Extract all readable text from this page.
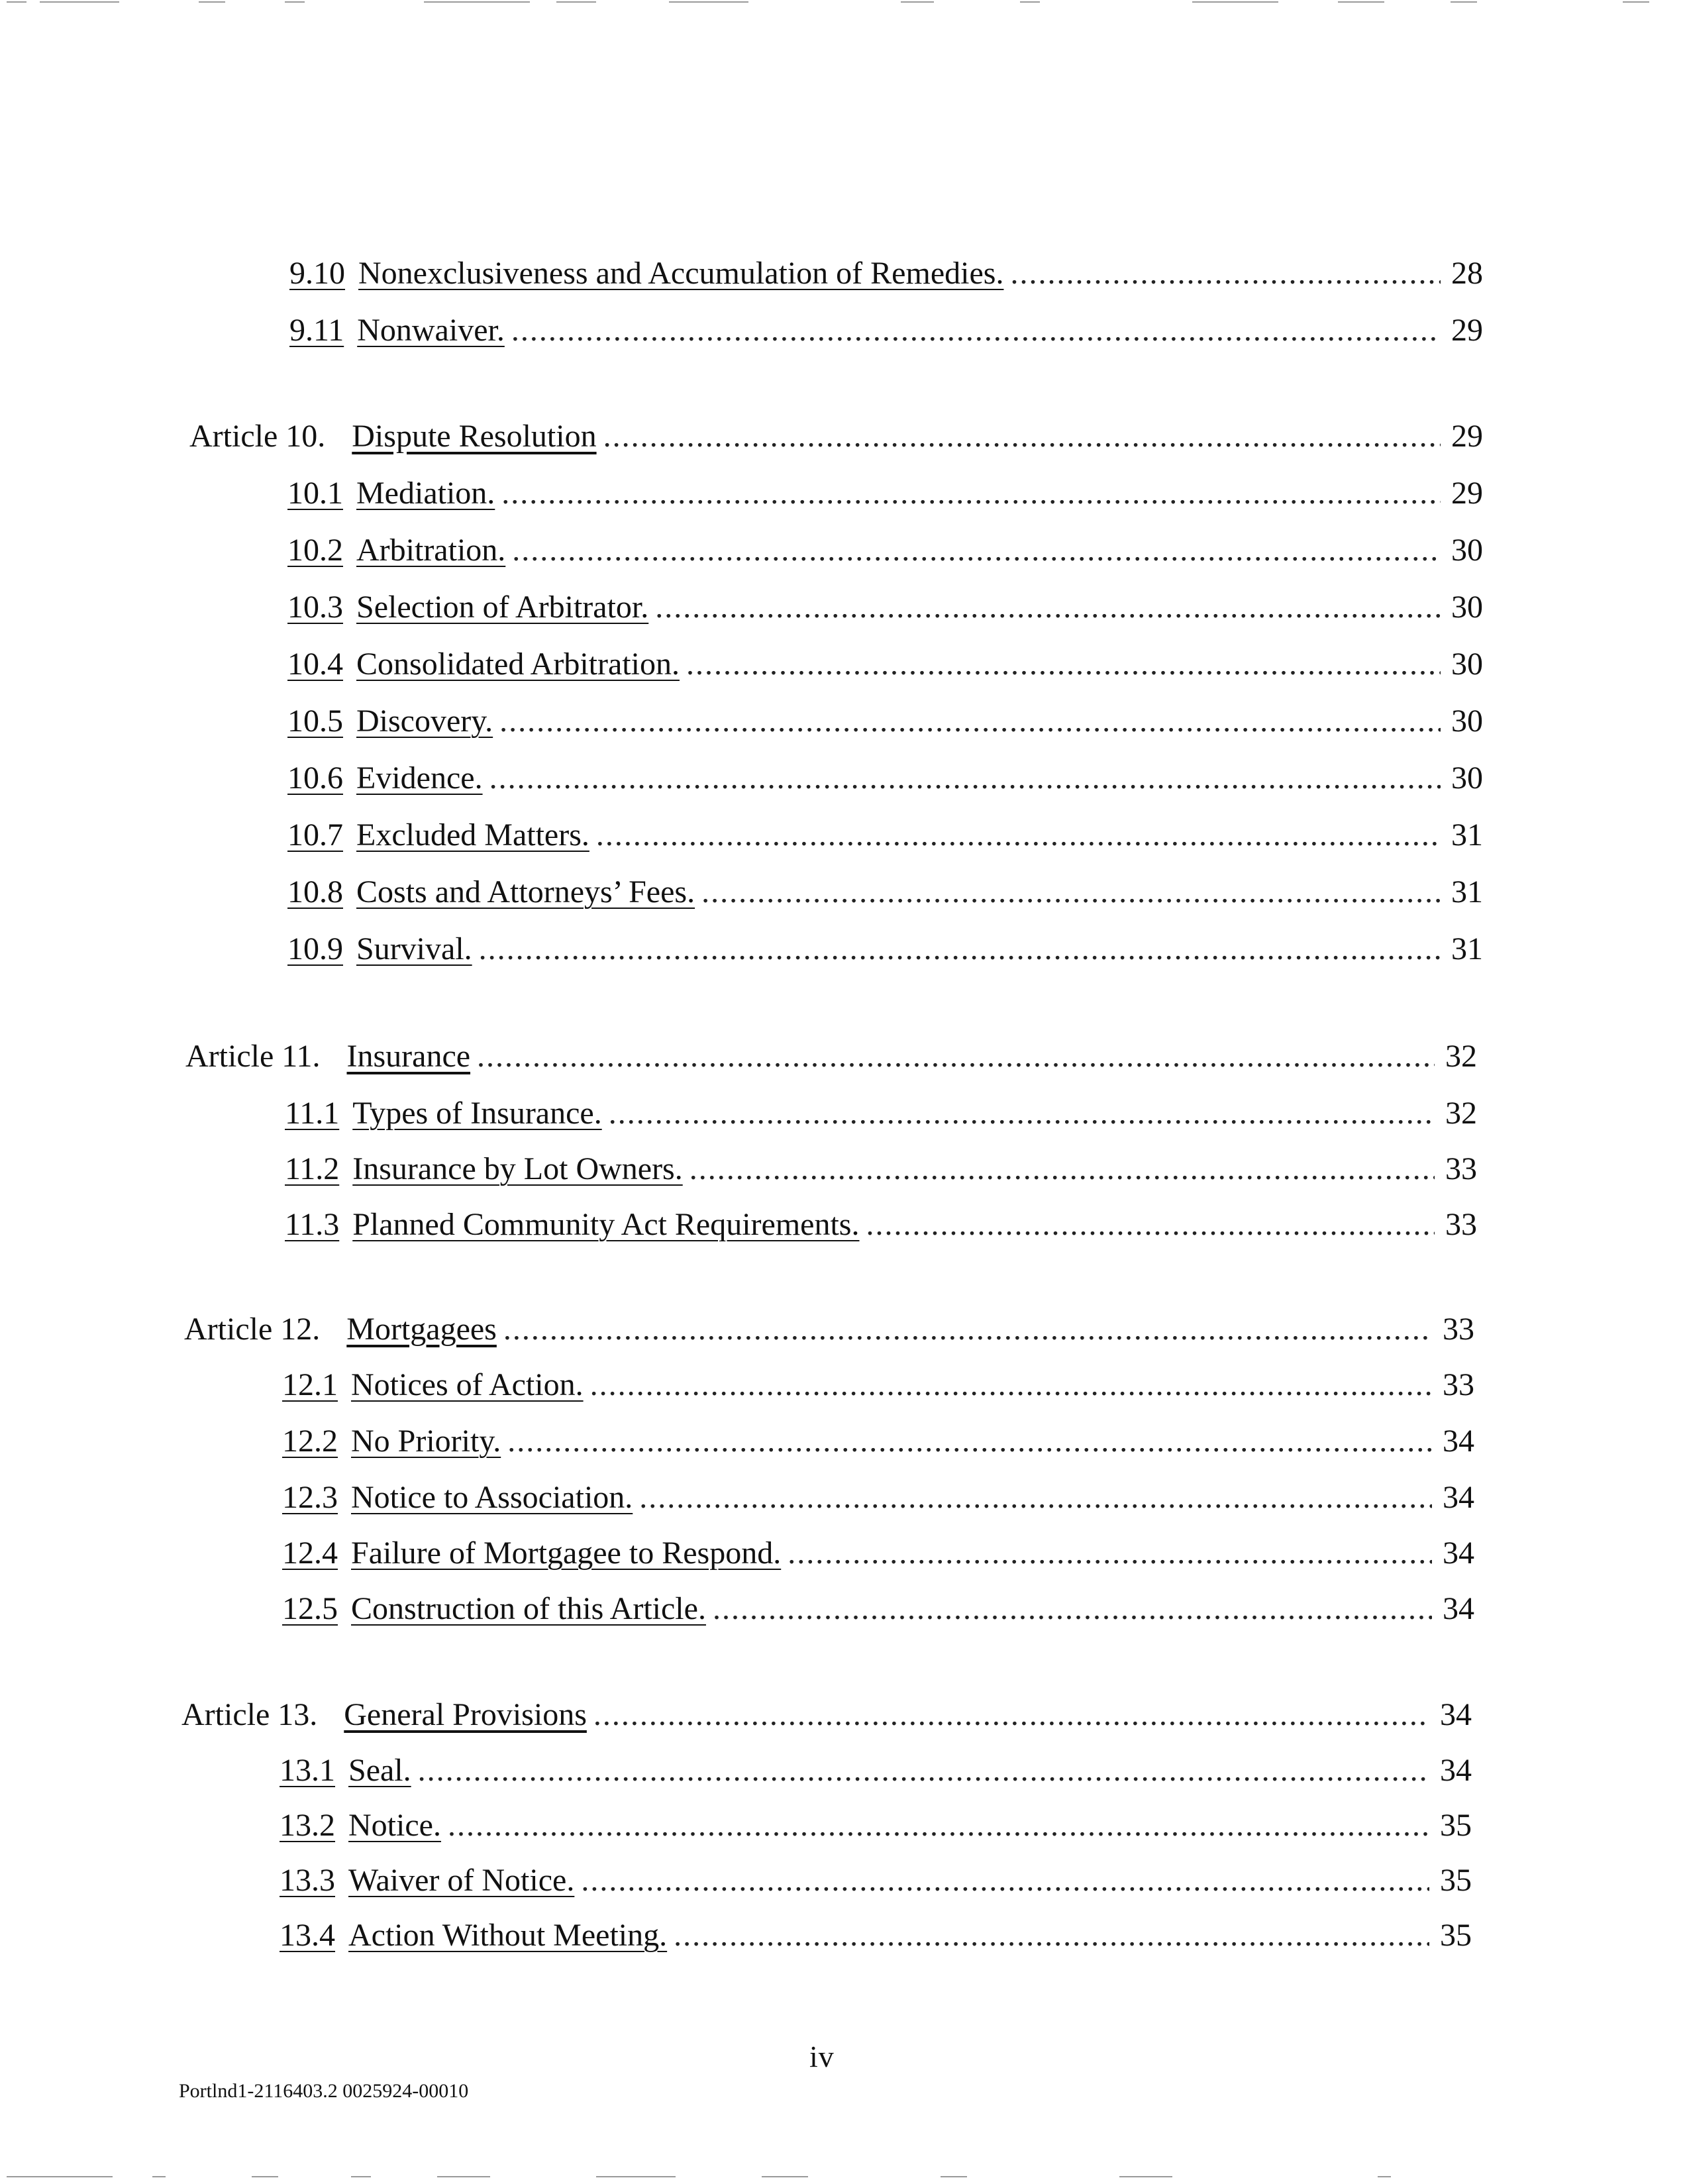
9.10 Nonexclusiveness and Accumulation of Remedies. .....	28
9.11 Nonwaiver. .....	29
Article 10. Dispute Resolution .....	29
10.1 Mediation. .....	29
10.2 Arbitration. .....	30
10.3 Selection of Arbitrator. .....	30
10.4 Consolidated Arbitration. .....	30
10.5 Discovery. .....	30
10.6 Evidence. .....	30
10.7 Excluded Matters. .....	31
10.8 Costs and Attorneys’ Fees. .....	31
10.9 Survival. .....	31
Article 11. Insurance .....	32
11.1 Types of Insurance. .....	32
11.2 Insurance by Lot Owners. .....	33
11.3 Planned Community Act Requirements. .....	33
Article 12. Mortgagees .....	33
12.1 Notices of Action. .....	33
12.2 No Priority. .....	34
12.3 Notice to Association. .....	34
12.4 Failure of Mortgagee to Respond. .....	34
12.5 Construction of this Article. .....	34
Article 13. General Provisions .....	34
13.1 Seal. .....	34
13.2 Notice. .....	35
13.3 Waiver of Notice. .....	35
13.4 Action Without Meeting. .....	35
iv
Portlnd1-2116403.2 0025924-00010
